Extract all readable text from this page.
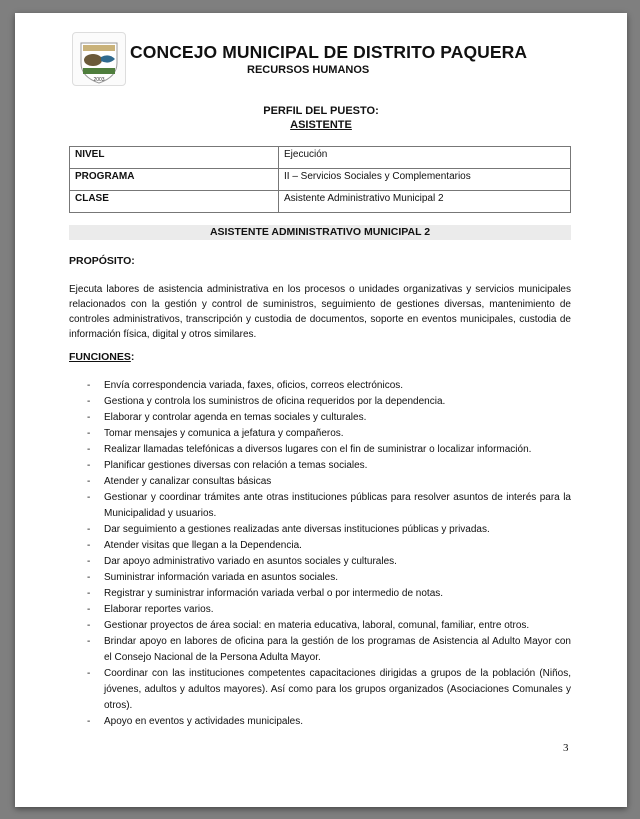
2003
CONCEJO MUNICIPAL DE DISTRITO PAQUERA
RECURSOS HUMANOS
PERFIL DEL PUESTO:
ASISTENTE
NIVEL	Ejecución
PROGRAMA	II – Servicios Sociales y Complementarios
CLASE	Asistente Administrativo Municipal 2
ASISTENTE ADMINISTRATIVO MUNICIPAL 2
PROPÓSITO:
Ejecuta labores de asistencia administrativa en los procesos o unidades organizativas y servicios municipales relacionados con la gestión y control de suministros, seguimiento de gestiones diversas, mantenimiento de controles administrativos, transcripción y custodia de documentos, soporte en eventos municipales, custodia de información física, digital y otros similares.
FUNCIONES:
- Envía correspondencia variada, faxes, oficios, correos electrónicos.
- Gestiona y controla los suministros de oficina requeridos por la dependencia.
- Elaborar y controlar agenda en temas sociales y culturales.
- Tomar mensajes y comunica a jefatura y compañeros.
- Realizar llamadas telefónicas a diversos lugares con el fin de suministrar o localizar información.
- Planificar gestiones diversas con relación a temas sociales.
- Atender y canalizar consultas básicas
- Gestionar y coordinar trámites ante otras instituciones públicas para resolver asuntos de interés para la Municipalidad y usuarios.
- Dar seguimiento a gestiones realizadas ante diversas instituciones públicas y privadas.
- Atender visitas que llegan a la Dependencia.
- Dar apoyo administrativo variado en asuntos sociales y culturales.
- Suministrar información variada en asuntos sociales.
- Registrar y suministrar información variada verbal o por intermedio de notas.
- Elaborar reportes varios.
- Gestionar proyectos de área social: en materia educativa, laboral, comunal, familiar, entre otros.
- Brindar apoyo en labores de oficina para la gestión de los programas de Asistencia al Adulto Mayor con el Consejo Nacional de la Persona Adulta Mayor.
- Coordinar con las instituciones competentes capacitaciones dirigidas a grupos de la población (Niños, jóvenes, adultos y adultos mayores). Así como para los grupos organizados (Asociaciones Comunales y otros).
- Apoyo en eventos y actividades municipales.
3
